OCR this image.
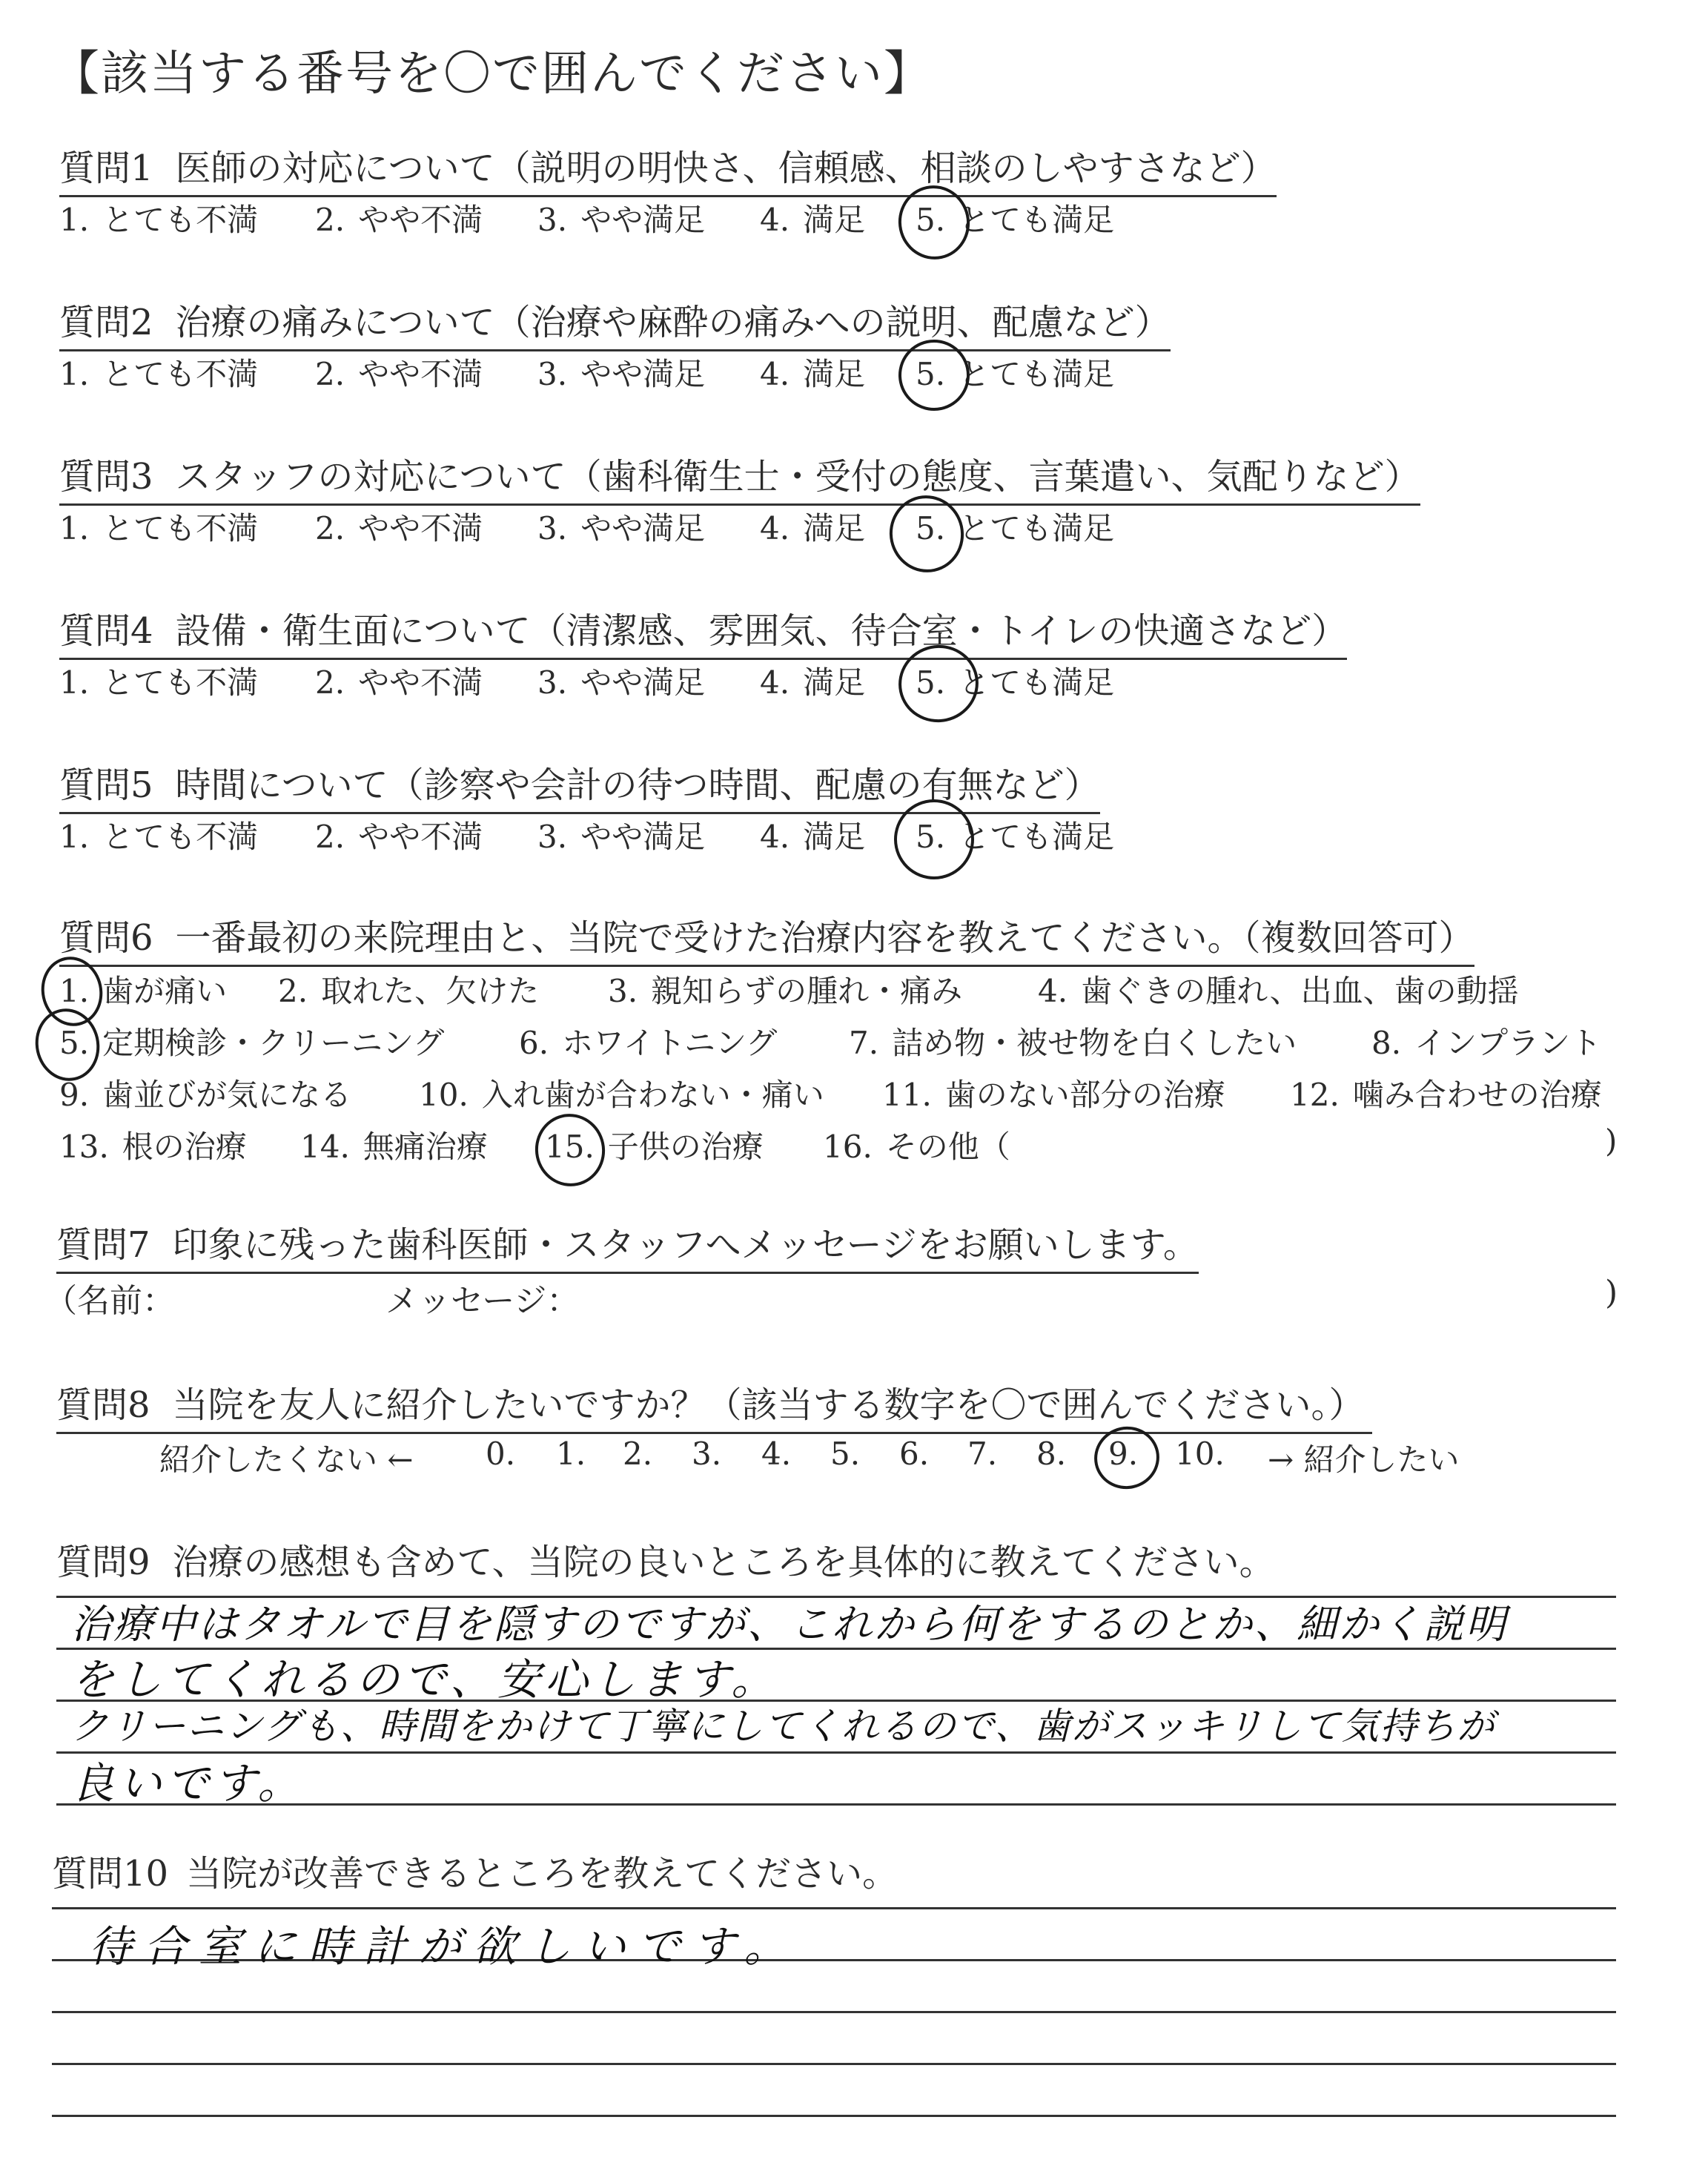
【該当する番号を〇で囲んでください】
質問1 医師の対応について（説明の明快さ、信頼感、相談のしやすさなど）
1. とても不満 2. やや不満 3. やや満足 4. 満足 5. とても満足
質問2 治療の痛みについて（治療や麻酔の痛みへの説明、配慮など）
1. とても不満 2. やや不満 3. やや満足 4. 満足 5. とても満足
質問3 スタッフの対応について（歯科衛生士・受付の態度、言葉遣い、気配りなど）
1. とても不満 2. やや不満 3. やや満足 4. 満足 5. とても満足
質問4 設備・衛生面について（清潔感、雰囲気、待合室・トイレの快適さなど）
1. とても不満 2. やや不満 3. やや満足 4. 満足 5. とても満足
質問5 時間について（診察や会計の待つ時間、配慮の有無など）
1. とても不満 2. やや不満 3. やや満足 4. 満足 5. とても満足
質問6 一番最初の来院理由と、当院で受けた治療内容を教えてください。（複数回答可）
1. 歯が痛い 2. 取れた、欠けた 3. 親知らずの腫れ・痛み 4. 歯ぐきの腫れ、出血、歯の動揺
5. 定期検診・クリーニング 6. ホワイトニング 7. 詰め物・被せ物を白くしたい 8. インプラント
9. 歯並びが気になる 10. 入れ歯が合わない・痛い 11. 歯のない部分の治療 12. 噛み合わせの治療
13. 根の治療 14. 無痛治療 15. 子供の治療 16. その他（	)
質問7 印象に残った歯科医師・スタッフへメッセージをお願いします。
（名前：	メッセージ：	)
質問8 当院を友人に紹介したいですか？（該当する数字を〇で囲んでください。）
紹介したくない ← 0. 1. 2. 3. 4. 5. 6. 7. 8. 9. 10. → 紹介したい
質問9 治療の感想も含めて、当院の良いところを具体的に教えてください。
治療中はタオルで目を隠すのですが、これから何をするのとか、細かく説明
をしてくれるので、安心します。
クリーニングも、時間をかけて丁寧にしてくれるので、歯がスッキリして気持ちが
良いです。
質問10 当院が改善できるところを教えてください。
待合室に時計が欲しいです。
